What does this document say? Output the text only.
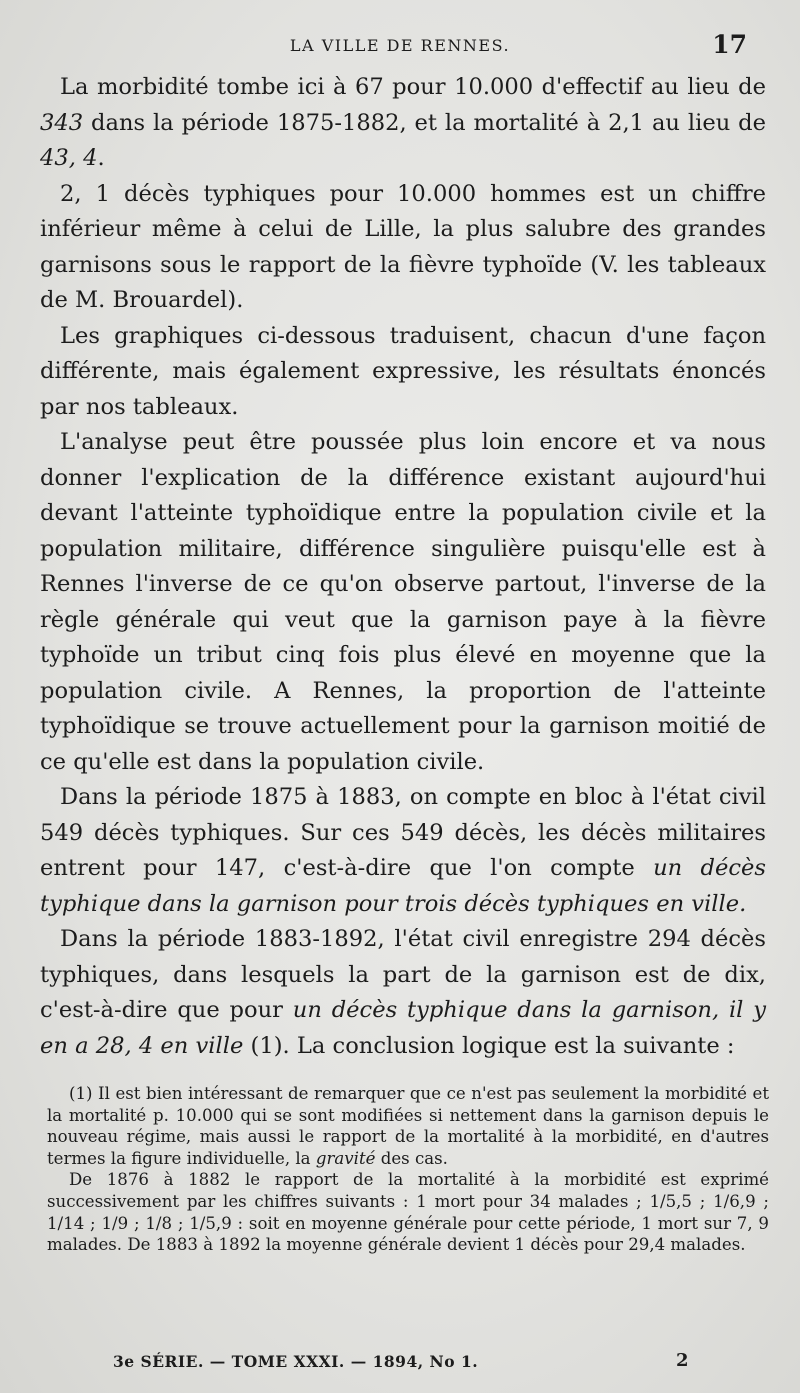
LA VILLE DE RENNES.	17

La morbidité tombe ici à 67 pour 10.000 d'effectif au lieu de 343 dans la période 1875-1882, et la mortalité à 2,1 au lieu de 43, 4.

2, 1 décès typhiques pour 10.000 hommes est un chiffre inférieur même à celui de Lille, la plus salubre des grandes garnisons sous le rapport de la fièvre typhoïde (V. les tableaux de M. Brouardel).

Les graphiques ci-dessous traduisent, chacun d'une façon différente, mais également expressive, les résultats énoncés par nos tableaux.

L'analyse peut être poussée plus loin encore et va nous donner l'explication de la différence existant aujourd'hui devant l'atteinte typhoïdique entre la population civile et la population militaire, différence singulière puisqu'elle est à Rennes l'inverse de ce qu'on observe partout, l'inverse de la règle générale qui veut que la garnison paye à la fièvre typhoïde un tribut cinq fois plus élevé en moyenne que la population civile. A Rennes, la proportion de l'atteinte typhoïdique se trouve actuellement pour la garnison moitié de ce qu'elle est dans la population civile.

Dans la période 1875 à 1883, on compte en bloc à l'état civil 549 décès typhiques. Sur ces 549 décès, les décès militaires entrent pour 147, c'est-à-dire que l'on compte un décès typhique dans la garnison pour trois décès typhiques en ville.

Dans la période 1883-1892, l'état civil enregistre 294 décès typhiques, dans lesquels la part de la garnison est de dix, c'est-à-dire que pour un décès typhique dans la garnison, il y en a 28, 4 en ville (1). La conclusion logique est la suivante :

(1) Il est bien intéressant de remarquer que ce n'est pas seulement la morbidité et la mortalité p. 10.000 qui se sont modifiées si nettement dans la garnison depuis le nouveau régime, mais aussi le rapport de la mortalité à la morbidité, en d'autres termes la figure individuelle, la gravité des cas.

De 1876 à 1882 le rapport de la mortalité à la morbidité est exprimé successivement par les chiffres suivants : 1 mort pour 34 malades ; 1/5,5 ; 1/6,9 ; 1/14 ; 1/9 ; 1/8 ; 1/5,9 : soit en moyenne générale pour cette période, 1 mort sur 7, 9 malades. De 1883 à 1892 la moyenne générale devient 1 décès pour 29,4 malades.

3e SÉRIE. — TOME XXXI. — 1894, No 1.	2
